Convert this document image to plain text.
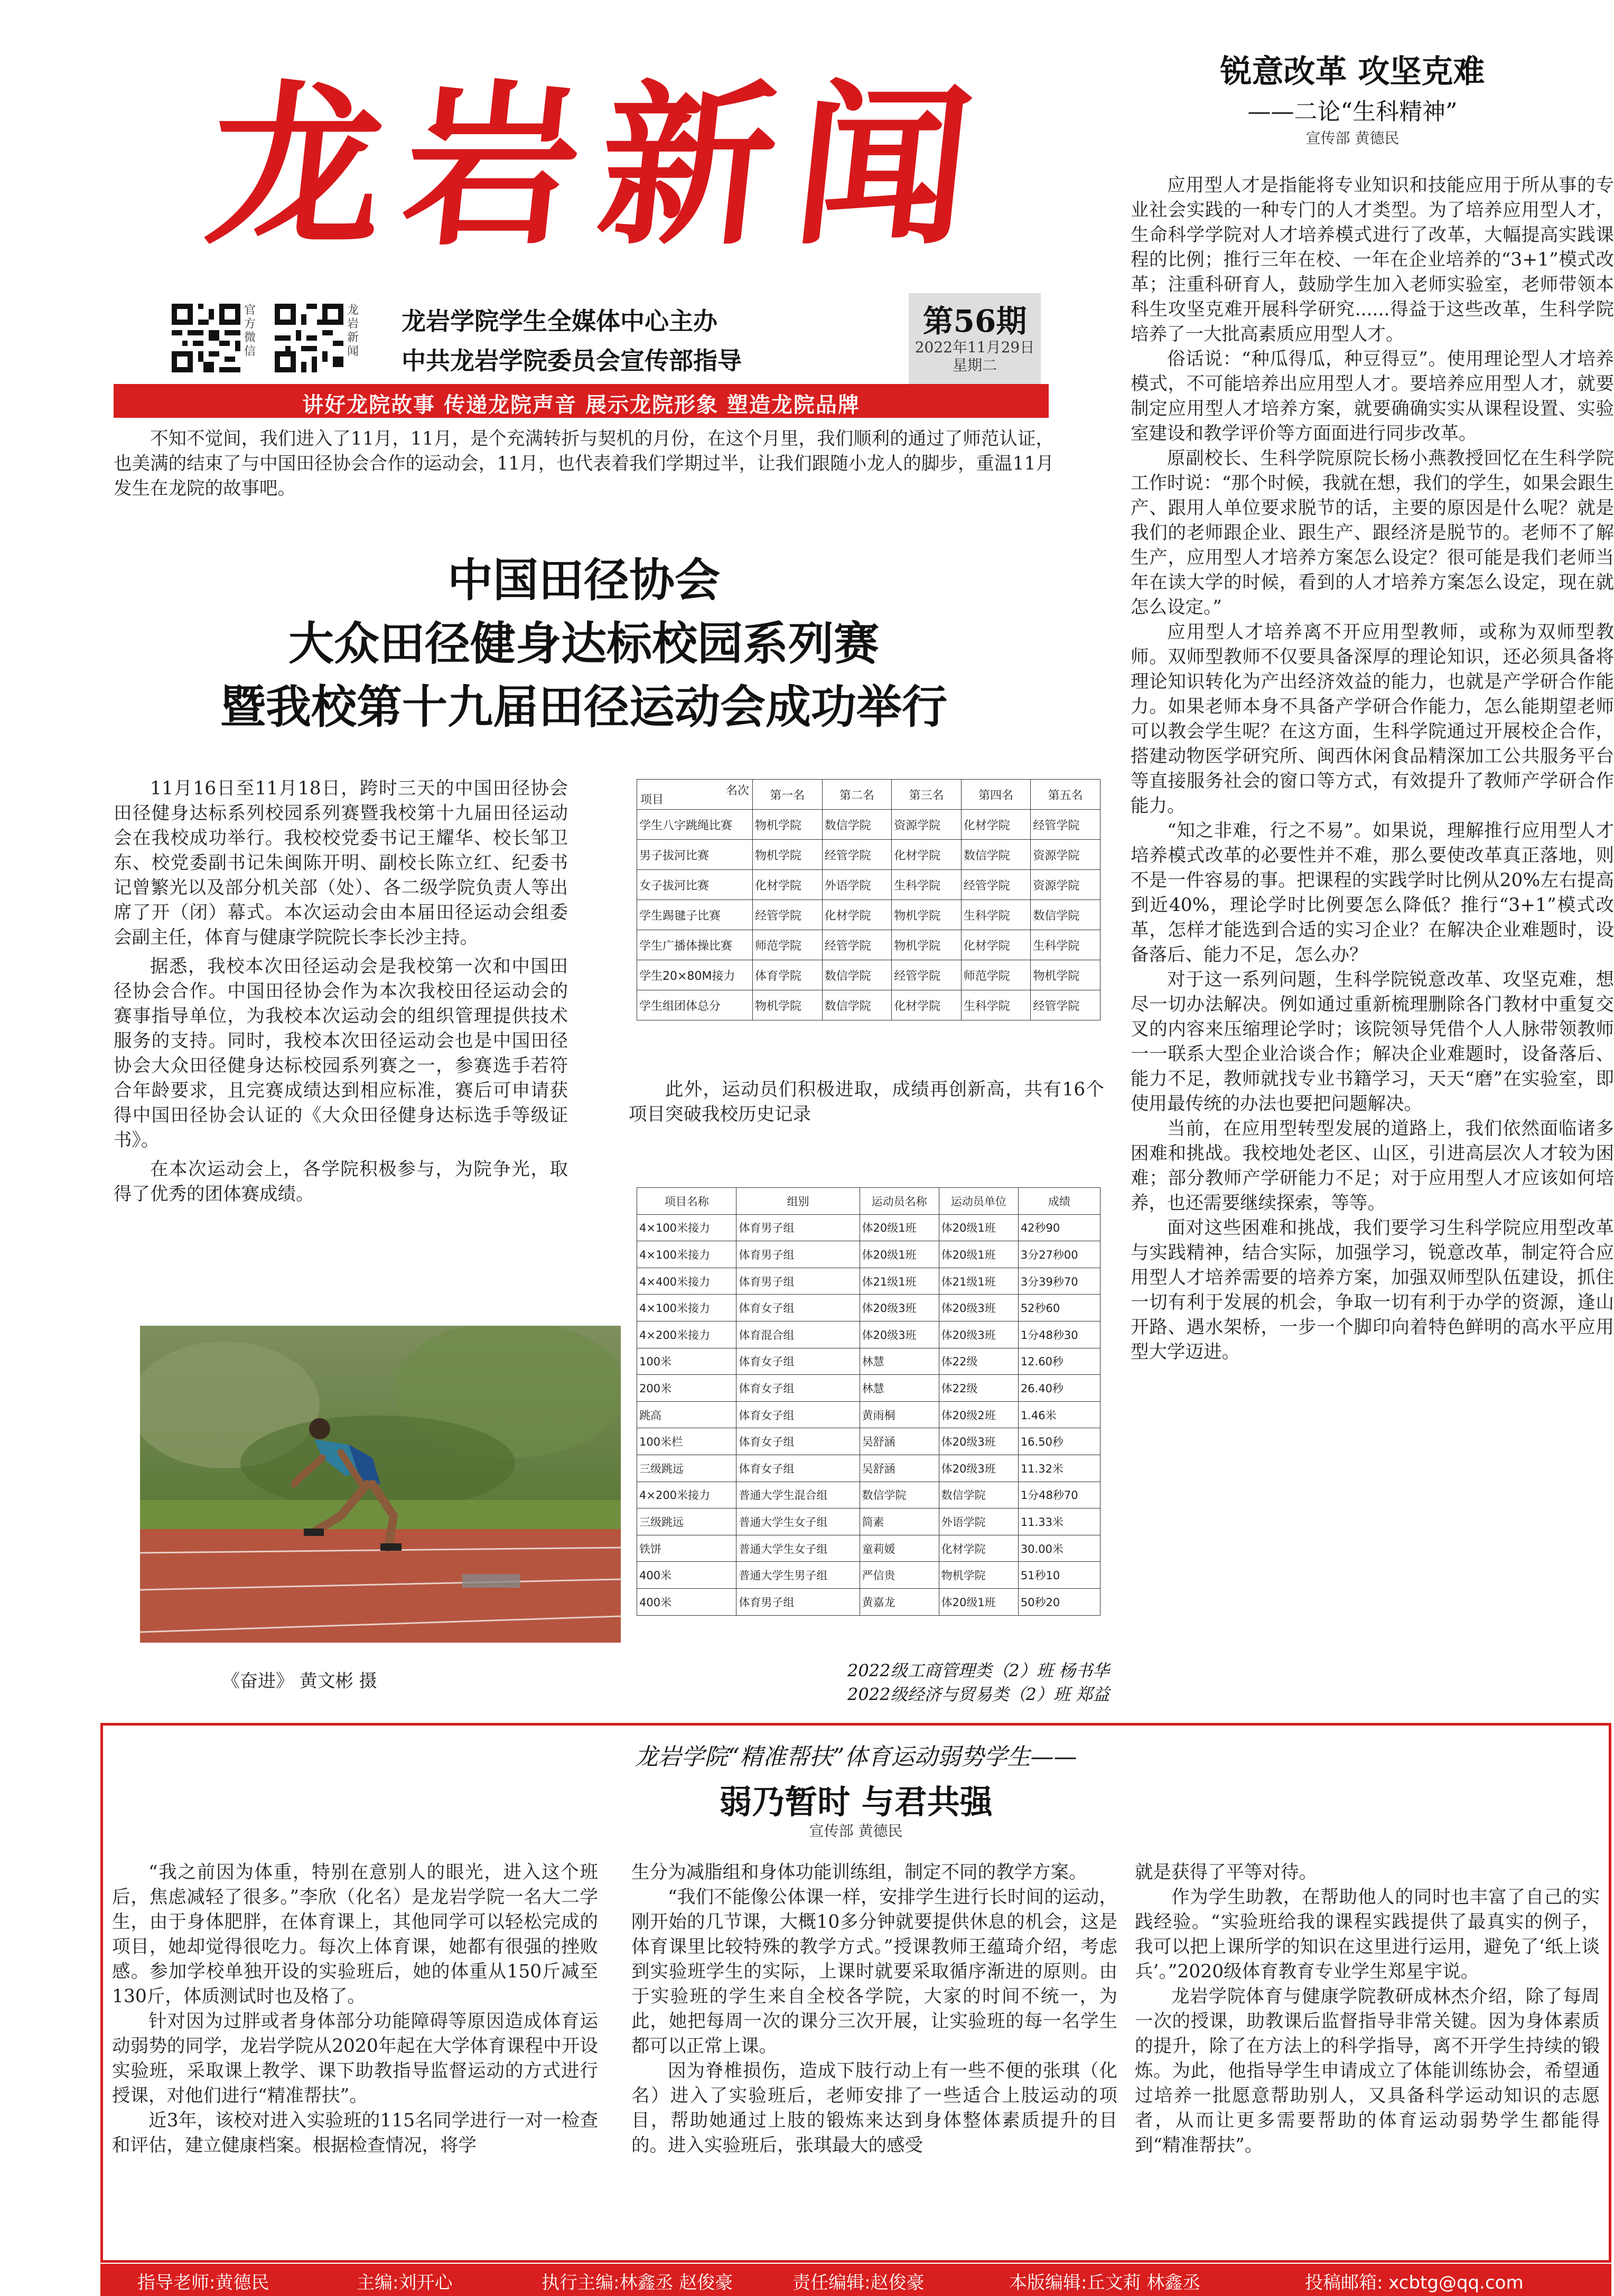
龙岩新闻
官方微信
龙岩新闻
龙岩学院学生全媒体中心主办
中共龙岩学院委员会宣传部指导
第56期
2022年11月29日
星期二
讲好龙院故事 传递龙院声音 展示龙院形象 塑造龙院品牌

不知不觉间，我们进入了11月，11月，是个充满转折与契机的月份，在这个月里，我们顺利的通过了师范认证，也美满的结束了与中国田径协会合作的运动会，11月，也代表着我们学期过半，让我们跟随小龙人的脚步，重温11月发生在龙院的故事吧。

中国田径协会
大众田径健身达标校园系列赛
暨我校第十九届田径运动会成功举行

11月16日至11月18日，跨时三天的中国田径协会田径健身达标系列校园系列赛暨我校第十九届田径运动会在我校成功举行。我校校党委书记王耀华、校长邹卫东、校党委副书记朱闽陈开明、副校长陈立红、纪委书记曾繁光以及部分机关部（处）、各二级学院负责人等出席了开（闭）幕式。本次运动会由本届田径运动会组委会副主任，体育与健康学院院长李长沙主持。

据悉，我校本次田径运动会是我校第一次和中国田径协会合作。中国田径协会作为本次我校田径运动会的赛事指导单位，为我校本次运动会的组织管理提供技术服务的支持。同时，我校本次田径运动会也是中国田径协会大众田径健身达标校园系列赛之一，参赛选手若符合年龄要求，且完赛成绩达到相应标准，赛后可申请获得中国田径协会认证的《大众田径健身达标选手等级证书》。

在本次运动会上，各学院积极参与，为院争光，取得了优秀的团体赛成绩。

项目
名次	第一名	第二名	第三名	第四名	第五名
学生八字跳绳比赛	物机学院	数信学院	资源学院	化材学院	经管学院
男子拔河比赛	物机学院	经管学院	化材学院	数信学院	资源学院
女子拔河比赛	化材学院	外语学院	生科学院	经管学院	资源学院
学生踢毽子比赛	经管学院	化材学院	物机学院	生科学院	数信学院
学生广播体操比赛	师范学院	经管学院	物机学院	化材学院	生科学院
学生20×80M接力	体育学院	数信学院	经管学院	师范学院	物机学院
学生组团体总分	物机学院	数信学院	化材学院	生科学院	经管学院

此外，运动员们积极进取，成绩再创新高，共有16个项目突破我校历史记录

项目名称	组别	运动员名称	运动员单位	成绩
4×100米接力	体育男子组	体20级1班	体20级1班	42秒90
4×100米接力	体育男子组	体20级1班	体20级1班	3分27秒00
4×400米接力	体育男子组	体21级1班	体21级1班	3分39秒70
4×100米接力	体育女子组	体20级3班	体20级3班	52秒60
4×200米接力	体育混合组	体20级3班	体20级3班	1分48秒30
100米	体育女子组	林慧	体22级	12.60秒
200米	体育女子组	林慧	体22级	26.40秒
跳高	体育女子组	黄雨桐	体20级2班	1.46米
100米栏	体育女子组	吴舒涵	体20级3班	16.50秒
三级跳远	体育女子组	吴舒涵	体20级3班	11.32米
4×200米接力	普通大学生混合组	数信学院	数信学院	1分48秒70
三级跳远	普通大学生女子组	简素	外语学院	11.33米
铁饼	普通大学生女子组	童莉媛	化材学院	30.00米
400米	普通大学生男子组	严信贵	物机学院	51秒10
400米	体育男子组	黄嘉龙	体20级1班	50秒20
《奋进》 黄文彬 摄	2022级工商管理类（2）班 杨书华
2022级经济与贸易类（2）班 郑益
锐意改革 攻坚克难
——二论“生科精神”
宣传部 黄德民

应用型人才是指能将专业知识和技能应用于所从事的专业社会实践的一种专门的人才类型。为了培养应用型人才，生命科学学院对人才培养模式进行了改革，大幅提高实践课程的比例；推行三年在校、一年在企业培养的“3+1”模式改革；注重科研育人，鼓励学生加入老师实验室，老师带领本科生攻坚克难开展科学研究......得益于这些改革，生科学院培养了一大批高素质应用型人才。

俗话说：“种瓜得瓜，种豆得豆”。使用理论型人才培养模式，不可能培养出应用型人才。要培养应用型人才，就要制定应用型人才培养方案，就要确确实实从课程设置、实验室建设和教学评价等方面面进行同步改革。

原副校长、生科学院原院长杨小燕教授回忆在生科学院工作时说：“那个时候，我就在想，我们的学生，如果会跟生产、跟用人单位要求脱节的话，主要的原因是什么呢？就是我们的老师跟企业、跟生产、跟经济是脱节的。老师不了解生产，应用型人才培养方案怎么设定？很可能是我们老师当年在读大学的时候，看到的人才培养方案怎么设定，现在就怎么设定。”

应用型人才培养离不开应用型教师，或称为双师型教师。双师型教师不仅要具备深厚的理论知识，还必须具备将理论知识转化为产出经济效益的能力，也就是产学研合作能力。如果老师本身不具备产学研合作能力，怎么能期望老师可以教会学生呢？在这方面，生科学院通过开展校企合作，搭建动物医学研究所、闽西休闲食品精深加工公共服务平台等直接服务社会的窗口等方式，有效提升了教师产学研合作能力。

“知之非难，行之不易”。如果说，理解推行应用型人才培养模式改革的必要性并不难，那么要使改革真正落地，则不是一件容易的事。把课程的实践学时比例从20%左右提高到近40%，理论学时比例要怎么降低？推行“3+1”模式改革，怎样才能选到合适的实习企业？在解决企业难题时，设备落后、能力不足，怎么办？

对于这一系列问题，生科学院锐意改革、攻坚克难，想尽一切办法解决。例如通过重新梳理删除各门教材中重复交叉的内容来压缩理论学时；该院领导凭借个人人脉带领教师一一联系大型企业洽谈合作；解决企业难题时，设备落后、能力不足，教师就找专业书籍学习，天天“磨”在实验室，即使用最传统的办法也要把问题解决。

当前，在应用型转型发展的道路上，我们依然面临诸多困难和挑战。我校地处老区、山区，引进高层次人才较为困难；部分教师产学研能力不足；对于应用型人才应该如何培养，也还需要继续探索，等等。

面对这些困难和挑战，我们要学习生科学院应用型改革与实践精神，结合实际，加强学习，锐意改革，制定符合应用型人才培养需要的培养方案，加强双师型队伍建设，抓住一切有利于发展的机会，争取一切有利于办学的资源，逢山开路、遇水架桥，一步一个脚印向着特色鲜明的高水平应用型大学迈进。

龙岩学院“精准帮扶”体育运动弱势学生——
弱乃暂时 与君共强
宣传部 黄德民

“我之前因为体重，特别在意别人的眼光，进入这个班后，焦虑减轻了很多。”李欣（化名）是龙岩学院一名大二学生，由于身体肥胖，在体育课上，其他同学可以轻松完成的项目，她却觉得很吃力。每次上体育课，她都有很强的挫败感。参加学校单独开设的实验班后，她的体重从150斤减至130斤，体质测试时也及格了。

针对因为过胖或者身体部分功能障碍等原因造成体育运动弱势的同学，龙岩学院从2020年起在大学体育课程中开设实验班，采取课上教学、课下助教指导监督运动的方式进行授课，对他们进行“精准帮扶”。

近3年，该校对进入实验班的115名同学进行一对一检查和评估，建立健康档案。根据检查情况，将学

生分为减脂组和身体功能训练组，制定不同的教学方案。

“我们不能像公体课一样，安排学生进行长时间的运动，刚开始的几节课，大概10多分钟就要提供休息的机会，这是体育课里比较特殊的教学方式。”授课教师王蕴琦介绍，考虑到实验班学生的实际，上课时就要采取循序渐进的原则。由于实验班的学生来自全校各学院，大家的时间不统一，为此，她把每周一次的课分三次开展，让实验班的每一名学生都可以正常上课。

因为脊椎损伤，造成下肢行动上有一些不便的张琪（化名）进入了实验班后，老师安排了一些适合上肢运动的项目，帮助她通过上肢的锻炼来达到身体整体素质提升的目的。进入实验班后，张琪最大的感受

就是获得了平等对待。

作为学生助教，在帮助他人的同时也丰富了自己的实践经验。“实验班给我的课程实践提供了最真实的例子，我可以把上课所学的知识在这里进行运用，避免了‘纸上谈兵’。”2020级体育教育专业学生郑星宇说。

龙岩学院体育与健康学院教研成林杰介绍，除了每周一次的授课，助教课后监督指导非常关键。因为身体素质的提升，除了在方法上的科学指导，离不开学生持续的锻炼。为此，他指导学生申请成立了体能训练协会，希望通过培养一批愿意帮助别人，又具备科学运动知识的志愿者，从而让更多需要帮助的体育运动弱势学生都能得到“精准帮扶”。

指导老师:黄德民	主编:刘开心	执行主编:林鑫丞 赵俊豪	责任编辑:赵俊豪	本版编辑:丘文莉 林鑫丞	投稿邮箱: xcbtg@qq.com
